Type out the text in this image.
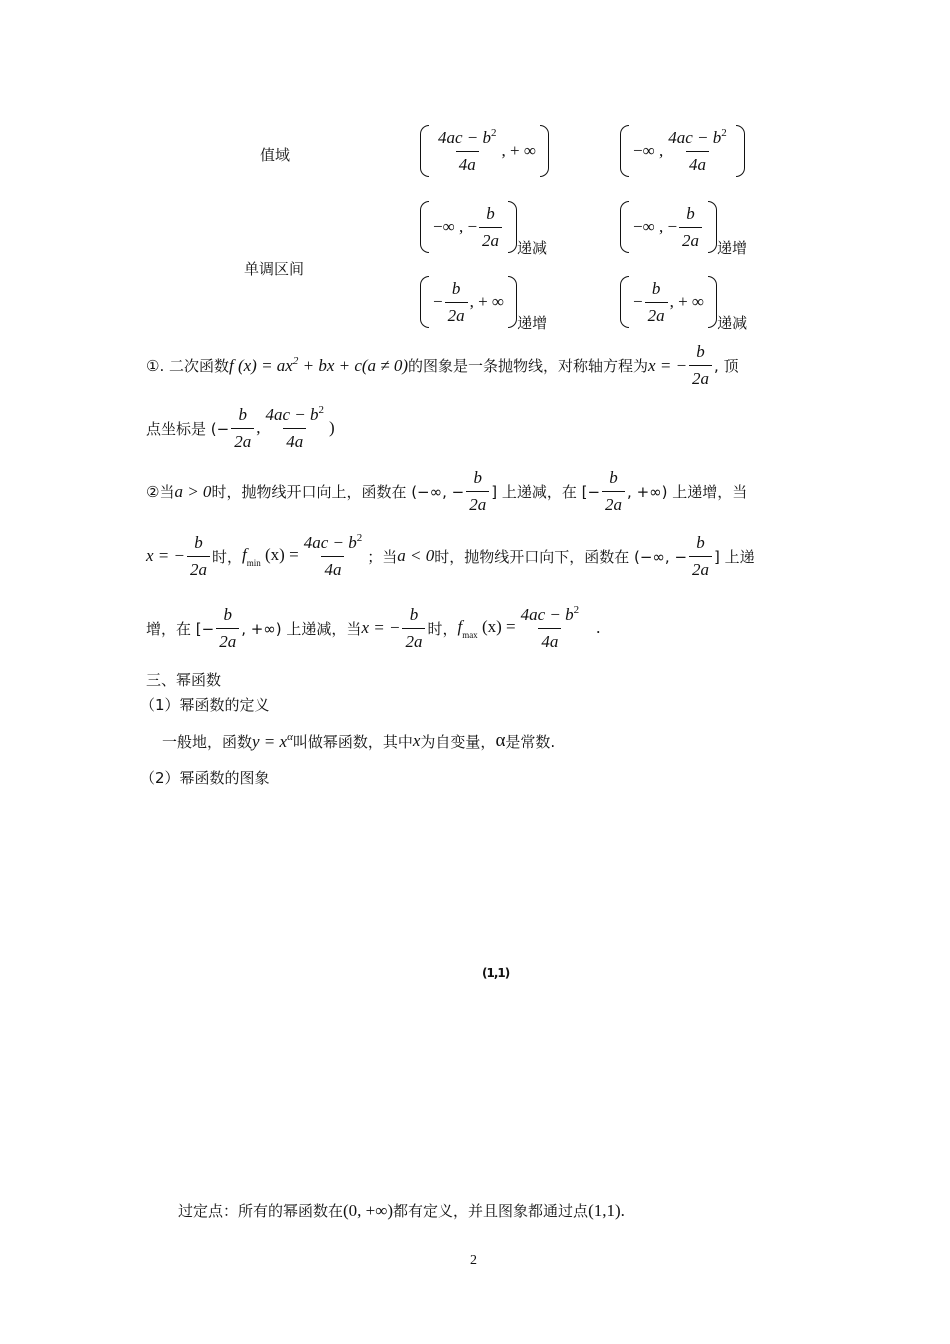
值域	$\frac{4ac - b^2}{4a}$ , + ∞	−∞ , $\frac{4ac - b^2}{4a}$
单调区间
−∞ , − $\frac{b}{2a}$ 递减
−∞ , − $\frac{b}{2a}$ 递增
− $\frac{b}{2a}$ , + ∞
递增
− $\frac{b}{2a}$ , + ∞
递减
①. 二次函数 f $(x) = ax^2$ + bx + c(a ≠ 0) 的图象是一条抛物线，对称轴方程为 x = − $\frac{b}{2a}$ , 顶
点坐标是 (− $\frac{b}{2a}$ , $\frac{4ac - b^2}{4a}$ )
②当 a > 0 时，抛物线开口向上，函数在 (−∞, − $\frac{b}{2a}$ ] 上递减，在 [− $\frac{b}{2a}$ , +∞) 上递增，当
x = − $\frac{b}{2a}$ 时， $f_{min}$ $(x) = \frac{4ac - b^2}{4a}$ ；当 a < 0 时，抛物线开口向下，函数在 (−∞, − $\frac{b}{2a}$ ] 上递
增，在 [− $\frac{b}{2a}$ , +∞) 上递减，当 x = − $\frac{b}{2a}$ 时， $f_{max}$ $(x) = \frac{4ac - b^2}{4a}$ .
三、幂函数
（1）幂函数的定义
一般地，函数 $y = x^\alpha$ 叫做幂函数，其中 x 为自变量， α 是常数.
（2）幂函数的图象
(1,1)
过定点：所有的幂函数在 (0, +∞) 都有定义，并且图象都通过点 (1,1) .
2
